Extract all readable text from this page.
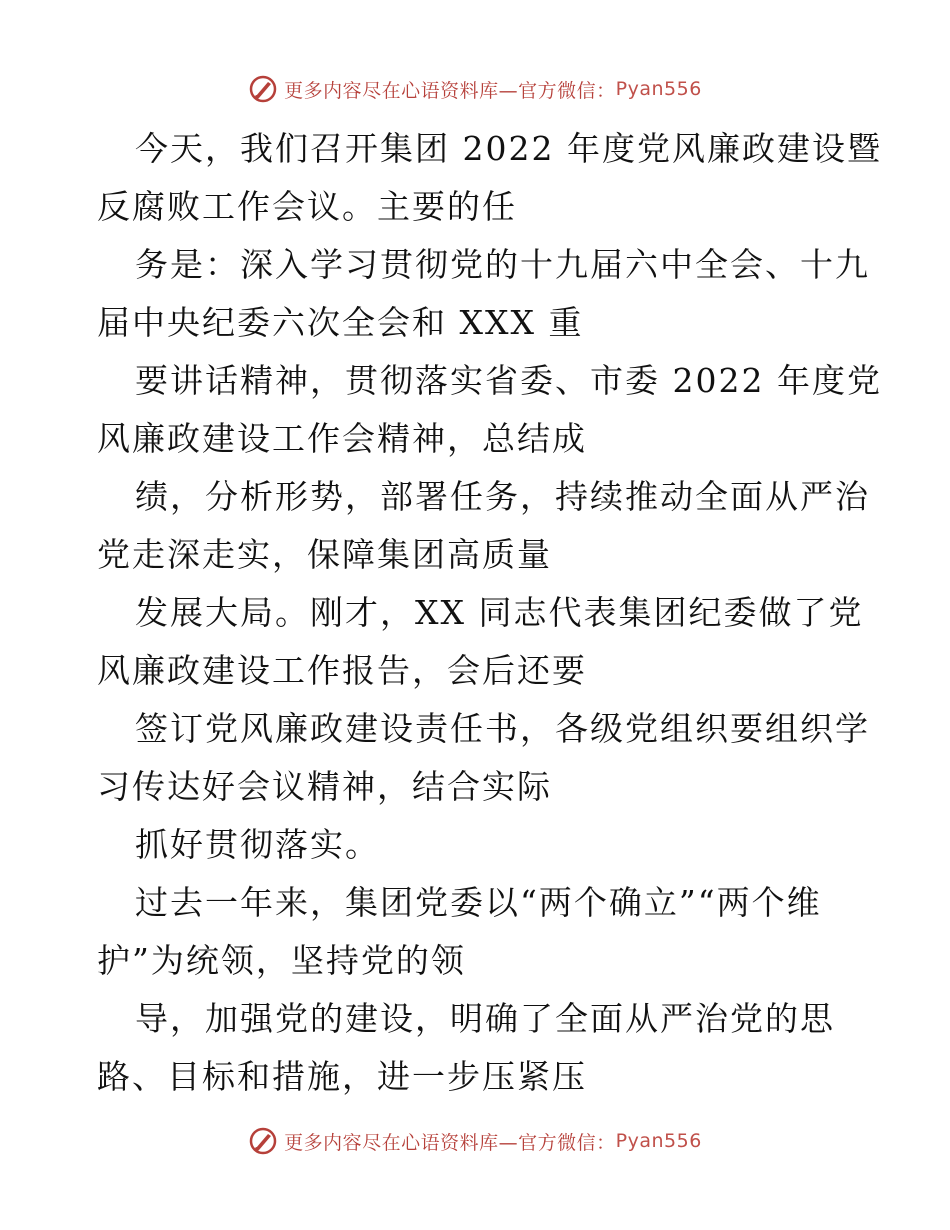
更多内容尽在心语资料库—官方微信： Pyan556
今天，我们召开集团 2022 年度党风廉政建设暨
反腐败工作会议。主要的任
务是：深入学习贯彻党的十九届六中全会、十九
届中央纪委六次全会和 XXX 重
要讲话精神，贯彻落实省委、市委 2022 年度党
风廉政建设工作会精神，总结成
绩，分析形势，部署任务，持续推动全面从严治
党走深走实，保障集团高质量
发展大局。刚才，XX 同志代表集团纪委做了党
风廉政建设工作报告，会后还要
签订党风廉政建设责任书，各级党组织要组织学
习传达好会议精神，结合实际
抓好贯彻落实。
过去一年来，集团党委以“两个确立”“两个维
护”为统领，坚持党的领
导，加强党的建设，明确了全面从严治党的思
路、目标和措施，进一步压紧压
更多内容尽在心语资料库—官方微信： Pyan556
